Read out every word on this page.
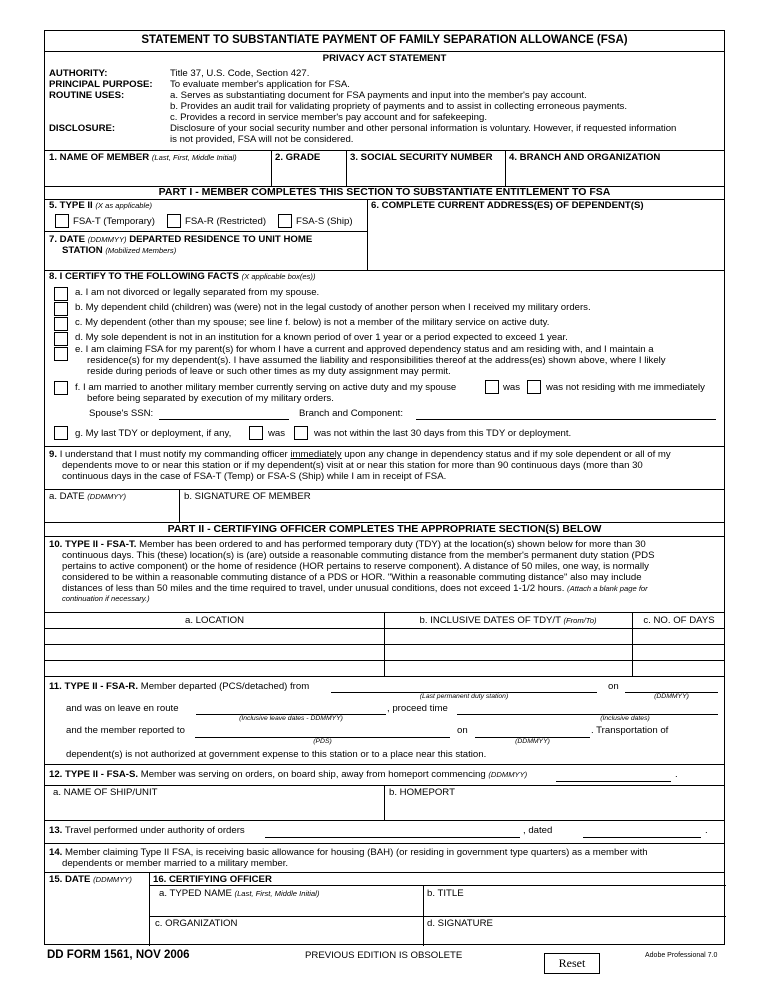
STATEMENT TO SUBSTANTIATE PAYMENT OF FAMILY SEPARATION ALLOWANCE (FSA)
PRIVACY ACT STATEMENT
AUTHORITY:	Title 37, U.S. Code, Section 427.
PRINCIPAL PURPOSE: To evaluate member's application for FSA.
ROUTINE USES:	a. Serves as substantiating document for FSA payments and input into the member's pay account.
b. Provides an audit trail for validating propriety of payments and to assist in collecting erroneous payments.
c. Provides a record in service member's pay account and for safekeeping.
DISCLOSURE:	Disclosure of your social security number and other personal information is voluntary. However, if requested information
is not provided, FSA will not be considered.
1. NAME OF MEMBER (Last, First, Middle Initial)	2. GRADE	3. SOCIAL SECURITY NUMBER 4. BRANCH AND ORGANIZATION
PART I - MEMBER COMPLETES THIS SECTION TO SUBSTANTIATE ENTITLEMENT TO FSA
5. TYPE II (X as applicable)
FSA-T (Temporary)	FSA-R (Restricted)	FSA-S (Ship)
6. COMPLETE CURRENT ADDRESS(ES) OF DEPENDENT(S)
7. DATE (DDMMYY) DEPARTED RESIDENCE TO UNIT HOME
STATION (Mobilized Members)
8. I CERTIFY TO THE FOLLOWING FACTS (X applicable box(es))
a. I am not divorced or legally separated from my spouse.
b. My dependent child (children) was (were) not in the legal custody of another person when I received my military orders.
c. My dependent (other than my spouse; see line f. below) is not a member of the military service on active duty.
d. My sole dependent is not in an institution for a known period of over 1 year or a period expected to exceed 1 year.
e. I am claiming FSA for my parent(s) for whom I have a current and approved dependency status and am residing with, and I maintain a
residence(s) for my dependent(s). I have assumed the liability and responsibilities thereof at the address(es) shown above, where I likely
reside during periods of leave or such other times as my duty assignment may permit.
f. I am married to another military member currently serving on active duty and my spouse	was	was not residing with me immediately
before being separated by execution of my military orders.
Spouse's SSN:	Branch and Component:
g. My last TDY or deployment, if any,	was	was not within the last 30 days from this TDY or deployment.
9. I understand that I must notify my commanding officer immediately upon any change in dependency status and if my sole dependent or all of my
dependents move to or near this station or if my dependent(s) visit at or near this station for more than 90 continuous days (more than 30
continuous days in the case of FSA-T (Temp) or FSA-S (Ship) while I am in receipt of FSA.
a. DATE (DDMMYY)	b. SIGNATURE OF MEMBER
PART II - CERTIFYING OFFICER COMPLETES THE APPROPRIATE SECTION(S) BELOW
10. TYPE II - FSA-T. Member has been ordered to and has performed temporary duty (TDY) at the location(s) shown below for more than 30
continuous days. This (these) location(s) is (are) outside a reasonable commuting distance from the member's permanent duty station (PDS
pertains to active component) or the home of residence (HOR pertains to reserve component). A distance of 50 miles, one way, is normally
considered to be within a reasonable commuting distance of a PDS or HOR. "Within a reasonable commuting distance" also may include
distances of less than 50 miles and the time required to travel, under unusual conditions, does not exceed 1-1/2 hours. (Attach a blank page for
continuation if necessary.)
a. LOCATION	b. INCLUSIVE DATES OF TDY/T (From/To)	c. NO. OF DAYS
11. TYPE II - FSA-R. Member departed (PCS/detached) from	on
(Last permanent duty station)	(DDMMYY)
and was on leave en route	, proceed time
(Inclusive leave dates - DDMMYY)	(Inclusive dates)
and the member reported to	on	. Transportation of
(PDS)	(DDMMYY)
dependent(s) is not authorized at government expense to this station or to a place near this station.
12. TYPE II - FSA-S. Member was serving on orders, on board ship, away from homeport commencing (DDMMYY)	.
a. NAME OF SHIP/UNIT	b. HOMEPORT
13. Travel performed under authority of orders	, dated	.
14. Member claiming Type II FSA, is receiving basic allowance for housing (BAH) (or residing in government type quarters) as a member with
dependents or member married to a military member.
15. DATE (DDMMYY) 16. CERTIFYING OFFICER
a. TYPED NAME (Last, First, Middle Initial)	b. TITLE
c. ORGANIZATION	d. SIGNATURE
DD FORM 1561, NOV 2006	PREVIOUS EDITION IS OBSOLETE
Reset
Adobe Professional 7.0
